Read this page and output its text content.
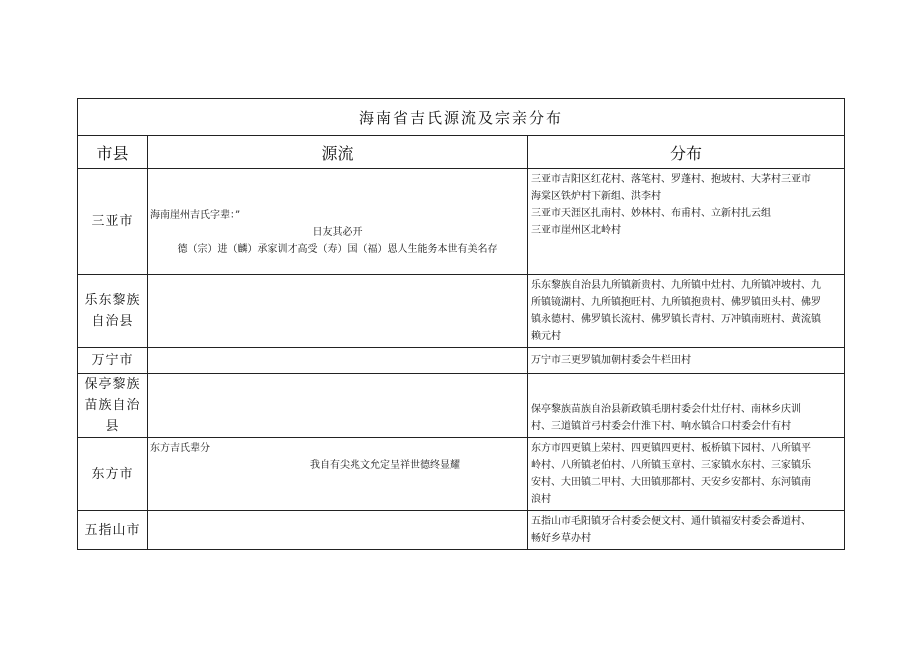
海南省吉氏源流及宗亲分布		
市县	源流	分布
三亚市	海南崖州吉氏字辈：”
日友其必开
德（宗）进（麟）承家训才高受（寿）国（福）恩人生能务本世有美名存	三亚市吉阳区红花村、落笔村、罗蓬村、抱坡村、大茅村三亚市
海棠区铁炉村下新组、洪李村
三亚市天涯区扎南村、妙林村、布甫村、立新村扎云组
三亚市崖州区北岭村

乐东黎族自治县		乐东黎族自治县九所镇新贵村、九所镇中灶村、九所镇冲坡村、九
所镇镜湖村、九所镇抱旺村、九所镇抱贵村、佛罗镇田头村、佛罗
镇永德村、佛罗镇长流村、佛罗镇长青村、万冲镇南班村、黄流镇
赖元村

万宁市		万宁市三更罗镇加朝村委会牛栏田村

保亭黎族苗族自治县		保亭黎族苗族自治县新政镇毛朋村委会什灶仔村、南林乡庆训
村、三道镇首弓村委会什淮下村、响水镇合口村委会什有村

东方市	东方吉氏辈分
我自有尖兆文允定呈祥世德终显耀	东方市四更镇上荣村、四更镇四更村、板桥镇下园村、八所镇平
岭村、八所镇老伯村、八所镇玉章村、三家镇水东村、三家镇乐
安村、大田镇二甲村、大田镇那都村、天安乡安都村、东河镇南
浪村

五指山市		五指山市毛阳镇牙合村委会便文村、通什镇福安村委会番道村、
畅好乡草办村
